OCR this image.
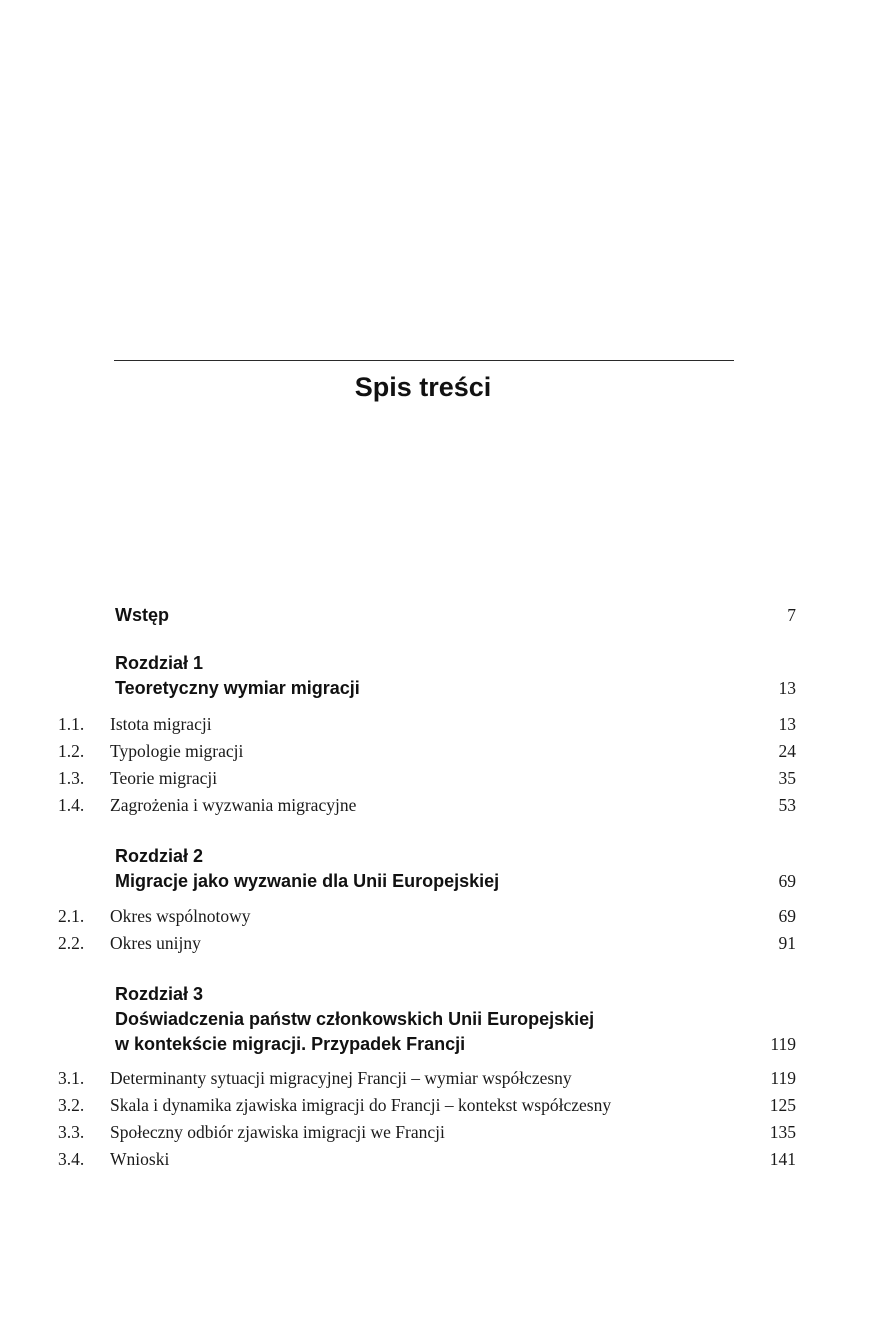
Spis treści
Wstęp	7
Rozdział 1
Teoretyczny wymiar migracji	13
1.1. Istota migracji	13
1.2. Typologie migracji	24
1.3. Teorie migracji	35
1.4. Zagrożenia i wyzwania migracyjne	53
Rozdział 2
Migracje jako wyzwanie dla Unii Europejskiej	69
2.1. Okres wspólnotowy	69
2.2. Okres unijny	91
Rozdział 3
Doświadczenia państw członkowskich Unii Europejskiej
w kontekście migracji. Przypadek Francji	119
3.1. Determinanty sytuacji migracyjnej Francji – wymiar współczesny	119
3.2. Skala i dynamika zjawiska imigracji do Francji – kontekst współczesny	125
3.3. Społeczny odbiór zjawiska imigracji we Francji	135
3.4. Wnioski	141
